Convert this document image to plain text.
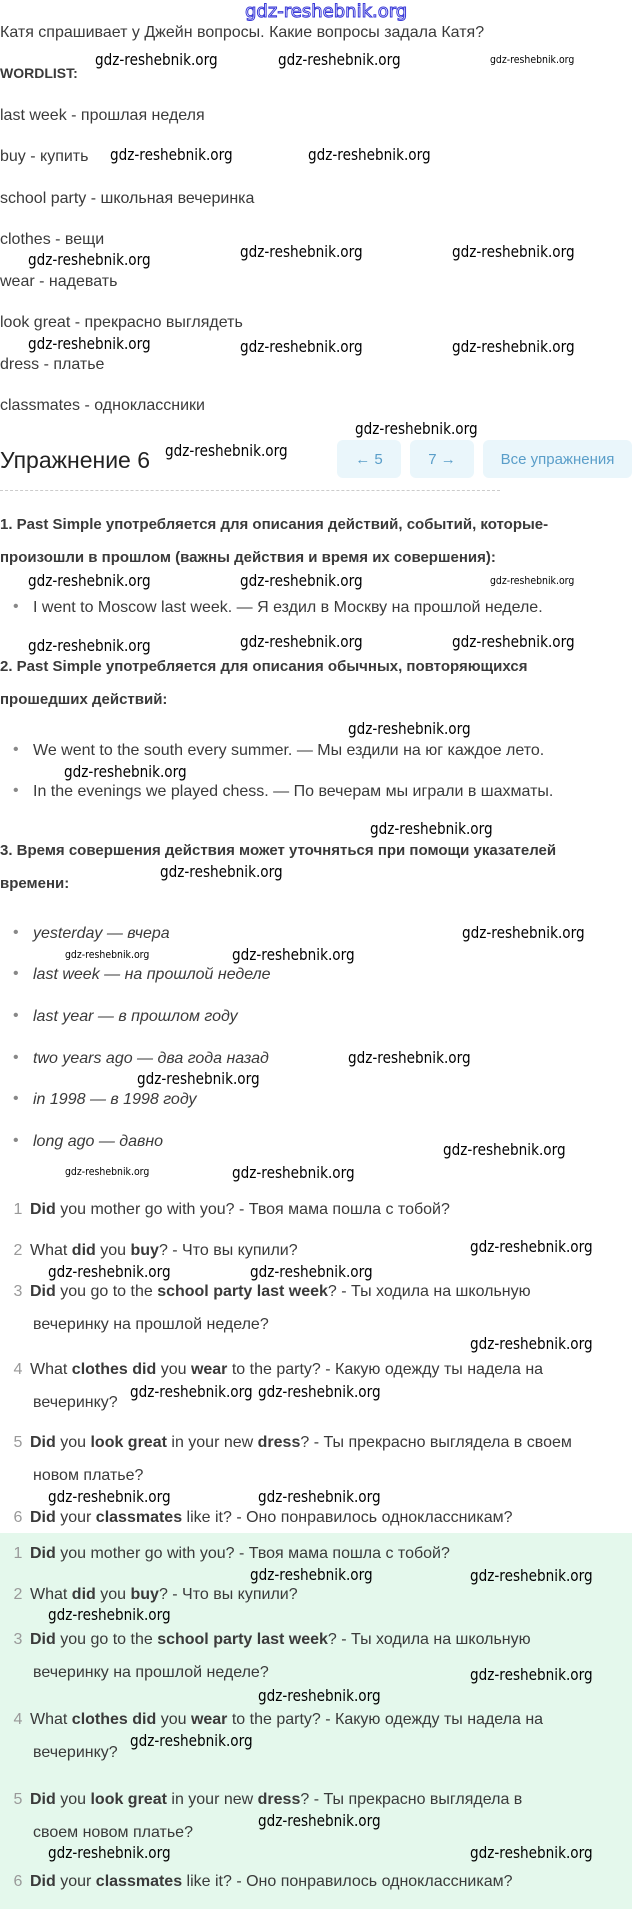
gdz-reshebnik.org
Катя спрашивает у Джейн вопросы. Какие вопросы задала Катя?
WORDLIST:
Упражнение 6	← 5	7 →	Все упражнения
last week - прошлая неделя
buy - купить
school party - школьная вечеринка
clothes - вещи
wear - надевать
look great - прекрасно выглядеть
dress - платье
classmates - одноклассники
1. Past Simple употребляется для описания действий, событий, которые-
произошли в прошлом (важны действия и время их совершения):
• I went to Moscow last week. — Я ездил в Москву на прошлой неделе.
2. Past Simple употребляется для описания обычных, повторяющихся
прошедших действий:
• We went to the south every summer. — Мы ездили на юг каждое лето.
• In the evenings we played chess. — По вечерам мы играли в шахматы.
3. Время совершения действия может уточняться при помощи указателей
времени:
• yesterday — вчера
• last week — на прошлой неделе
• last year — в прошлом году
• two years ago — два года назад
• in 1998 — в 1998 году
• long ago — давно
1 Did you mother go with you? - Твоя мама пошла с тобой?
2 What did you buy? - Что вы купили?
3 Did you go to the school party last week? - Ты ходила на школьную
вечеринку на прошлой неделе?
4 What clothes did you wear to the party? - Какую одежду ты надела на
вечеринку?
5 Did you look great in your new dress? - Ты прекрасно выглядела в своем
новом платье?
6 Did your classmates like it? - Оно понравилось одноклассникам?
1 Did you mother go with you? - Твоя мама пошла с тобой?
2 What did you buy? - Что вы купили?
3 Did you go to the school party last week? - Ты ходила на школьную
вечеринку на прошлой неделе?
4 What clothes did you wear to the party? - Какую одежду ты надела на
вечеринку?
5 Did you look great in your new dress? - Ты прекрасно выглядела в
своем новом платье?
6 Did your classmates like it? - Оно понравилось одноклассникам?
gdz-reshebnik.org	gdz-reshebnik.org	gdz-reshebnik.org
gdz-reshebnik.org	gdz-reshebnik.org
gdz-reshebnik.org	gdz-reshebnik.org	gdz-reshebnik.org
gdz-reshebnik.org	gdz-reshebnik.org	gdz-reshebnik.org
gdz-reshebnik.org
gdz-reshebnik.org
gdz-reshebnik.org	gdz-reshebnik.org	gdz-reshebnik.org
gdz-reshebnik.org	gdz-reshebnik.org	gdz-reshebnik.org
gdz-reshebnik.org
gdz-reshebnik.org
gdz-reshebnik.org
gdz-reshebnik.org
gdz-reshebnik.org
gdz-reshebnik.org	gdz-reshebnik.org
gdz-reshebnik.org
gdz-reshebnik.org
gdz-reshebnik.org
gdz-reshebnik.org	gdz-reshebnik.org
gdz-reshebnik.org
gdz-reshebnik.org	gdz-reshebnik.org
gdz-reshebnik.org
gdz-reshebnik.org gdz-reshebnik.org
gdz-reshebnik.org	gdz-reshebnik.org
gdz-reshebnik.org
gdz-reshebnik.org
gdz-reshebnik.org
gdz-reshebnik.org
gdz-reshebnik.org
gdz-reshebnik.org
gdz-reshebnik.org
gdz-reshebnik.org	gdz-reshebnik.org
